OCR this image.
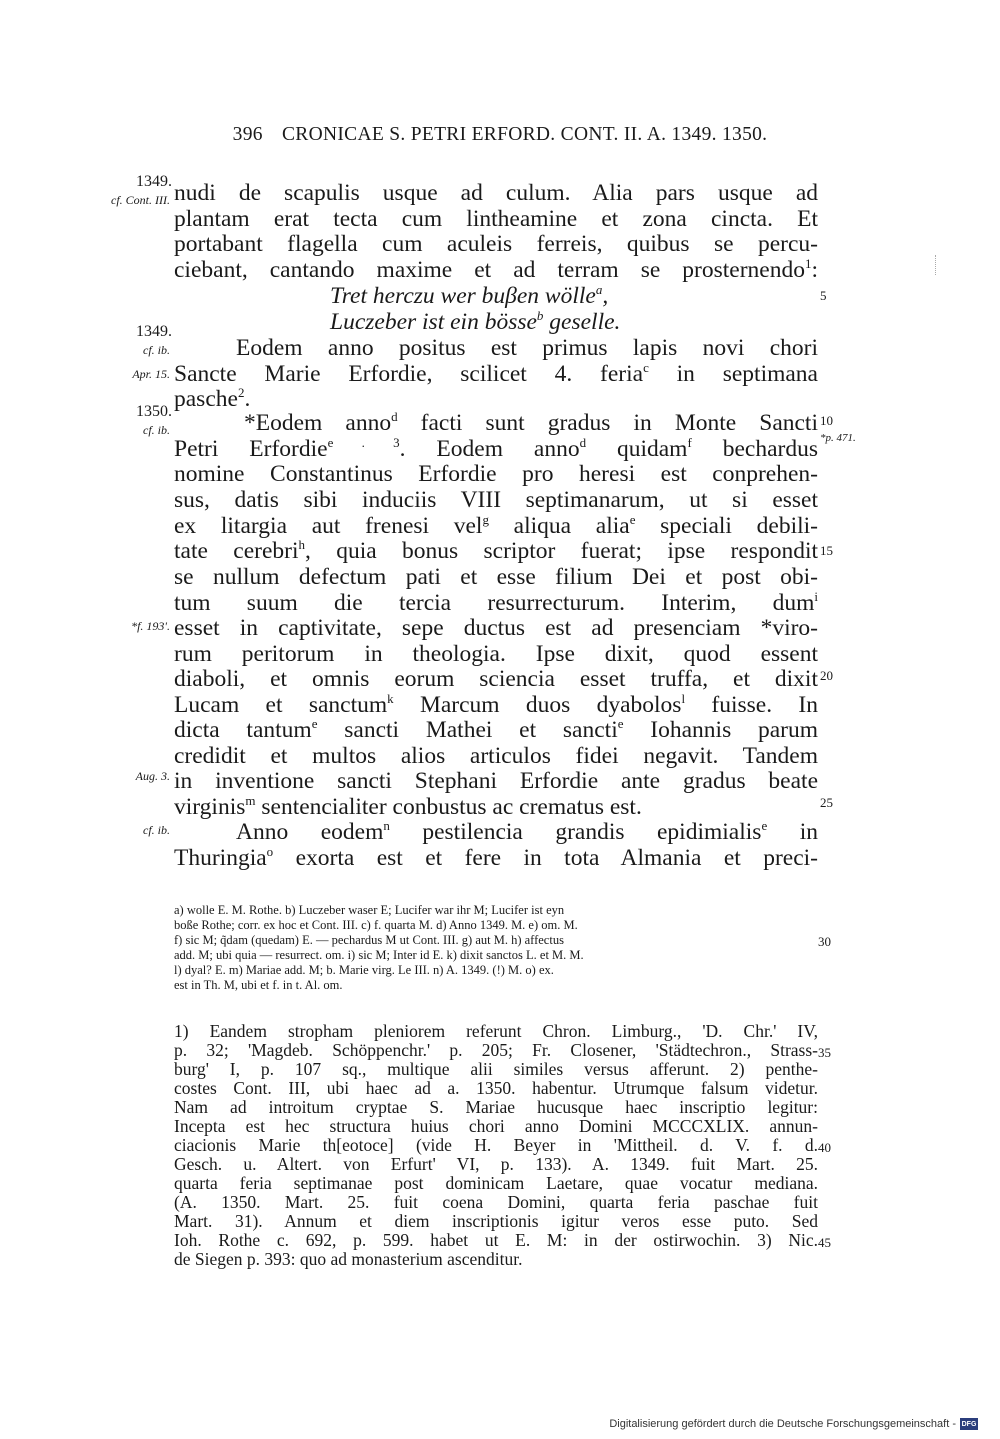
396 CRONICAE S. PETRI ERFORD. CONT. II. A. 1349. 1350.
1349.
cf. Cont. III.
1349.
cf. ib.
Apr. 15.
1350.
cf. ib.
*f. 193'.
Aug. 3.
cf. ib.
5
10
*p. 471.
15
20
25
nudi de scapulis usque ad culum. Alia pars usque ad
plantam erat tecta cum lintheamine et zona cincta. Et
portabant flagella cum aculeis ferreis, quibus se percu-
ciebant, cantando maxime et ad terram se prosternendo$^1$:
Tret herczu wer buβen wölle$^a$,
Luczeber ist ein bösse$^b$ geselle.
Eodem anno positus est primus lapis novi chori
Sancte Marie Erfordie, scilicet 4. feria$^c$ in septimana
pasche$^2$.
*Eodem anno$^d$ facti sunt gradus in Monte Sancti
Petri Erfordie$^{e . 3}$. Eodem anno$^d$ quidam$^f$ bechardus
nomine Constantinus Erfordie pro heresi est conprehen-
sus, datis sibi induciis VIII septimanarum, ut si esset
ex litargia aut frenesi vel$^g$ aliqua alia$^e$ speciali debili-
tate cerebri$^h$, quia bonus scriptor fuerat; ipse respondit
se nullum defectum pati et esse filium Dei et post obi-
tum suum die tercia resurrecturum. Interim, dum$^i$
esset in captivitate, sepe ductus est ad presenciam *viro-
rum peritorum in theologia. Ipse dixit, quod essent
diaboli, et omnis eorum sciencia esset truffa, et dixit
Lucam et sanctum$^k$ Marcum duos dyabolos$^l$ fuisse. In
dicta tantum$^e$ sancti Mathei et sancti$^e$ Iohannis parum
credidit et multos alios articulos fidei negavit. Tandem
in inventione sancti Stephani Erfordie ante gradus beate
virginis$^m$ sentencialiter conbustus ac crematus est.
Anno eodem$^n$ pestilencia grandis epidimialis$^e$ in
Thuringia$^o$ exorta est et fere in tota Almania et preci-
a) wolle E. M. Rothe. b) Luczeber waser E; Lucifer war ihr M; Lucifer ist eyn
boße Rothe; corr. ex hoc et Cont. III. c) f. quarta M. d) Anno 1349. M. e) om. M.
f) sic M; q̃dam (quedam) E. — pechardus M ut Cont. III. g) aut M. h) affectus
add. M; ubi quia — resurrect. om. i) sic M; Inter id E. k) dixit sanctos L. et M. M.
l) dyal? E. m) Mariae add. M; b. Marie virg. Le III. n) A. 1349. (!) M. o) ex.
est in Th. M, ubi et f. in t. Al. om.
30
1) Eandem stropham pleniorem referunt Chron. Limburg., 'D. Chr.' IV,
p. 32; 'Magdeb. Schöppenchr.' p. 205; Fr. Closener, 'Städtechron., Strass-
burg' I, p. 107 sq., multique alii similes versus afferunt. 2) penthe-
costes Cont. III, ubi haec ad a. 1350. habentur. Utrumque falsum videtur.
Nam ad introitum cryptae S. Mariae hucusque haec inscriptio legitur:
Incepta est hec structura huius chori anno Domini MCCCXLIX. annun-
ciacionis Marie th[eotoce] (vide H. Beyer in 'Mittheil. d. V. f. d.
Gesch. u. Altert. von Erfurt' VI, p. 133). A. 1349. fuit Mart. 25.
quarta feria septimanae post dominicam Laetare, quae vocatur mediana.
(A. 1350. Mart. 25. fuit coena Domini, quarta feria paschae fuit
Mart. 31). Annum et diem inscriptionis igitur veros esse puto. Sed
Ioh. Rothe c. 692, p. 599. habet ut E. M: in der ostirwochin. 3) Nic.
de Siegen p. 393: quo ad monasterium ascenditur.
35
40
45
Digitalisierung gefördert durch die Deutsche Forschungsgemeinschaft - DFG
